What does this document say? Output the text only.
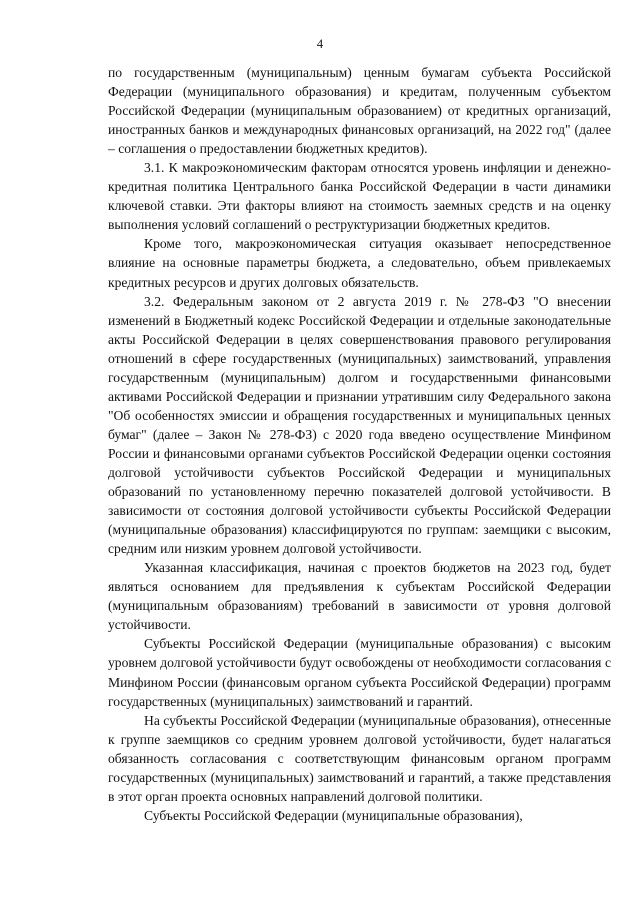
4

по государственным (муниципальным) ценным бумагам субъекта Российской Федерации (муниципального образования) и кредитам, полученным субъектом Российской Федерации (муниципальным образованием) от кредитных организаций, иностранных банков и международных финансовых организаций, на 2022 год" (далее – соглашения о предоставлении бюджетных кредитов).

3.1. К макроэкономическим факторам относятся уровень инфляции и денежно-кредитная политика Центрального банка Российской Федерации в части динамики ключевой ставки. Эти факторы влияют на стоимость заемных средств и на оценку выполнения условий соглашений о реструктуризации бюджетных кредитов.

Кроме того, макроэкономическая ситуация оказывает непосредственное влияние на основные параметры бюджета, а следовательно, объем привлекаемых кредитных ресурсов и других долговых обязательств.

3.2. Федеральным законом от 2 августа 2019 г. № 278-ФЗ "О внесении изменений в Бюджетный кодекс Российской Федерации и отдельные законодательные акты Российской Федерации в целях совершенствования правового регулирования отношений в сфере государственных (муниципальных) заимствований, управления государственным (муниципальным) долгом и государственными финансовыми активами Российской Федерации и признании утратившим силу Федерального закона "Об особенностях эмиссии и обращения государственных и муниципальных ценных бумаг" (далее – Закон № 278-ФЗ) с 2020 года введено осуществление Минфином России и финансовыми органами субъектов Российской Федерации оценки состояния долговой устойчивости субъектов Российской Федерации и муниципальных образований по установленному перечню показателей долговой устойчивости. В зависимости от состояния долговой устойчивости субъекты Российской Федерации (муниципальные образования) классифицируются по группам: заемщики с высоким, средним или низким уровнем долговой устойчивости.

Указанная классификация, начиная с проектов бюджетов на 2023 год, будет являться основанием для предъявления к субъектам Российской Федерации (муниципальным образованиям) требований в зависимости от уровня долговой устойчивости.

Субъекты Российской Федерации (муниципальные образования) с высоким уровнем долговой устойчивости будут освобождены от необходимости согласования с Минфином России (финансовым органом субъекта Российской Федерации) программ государственных (муниципальных) заимствований и гарантий.

На субъекты Российской Федерации (муниципальные образования), отнесенные к группе заемщиков со средним уровнем долговой устойчивости, будет налагаться обязанность согласования с соответствующим финансовым органом программ государственных (муниципальных) заимствований и гарантий, а также представления в этот орган проекта основных направлений долговой политики.

Субъекты Российской Федерации (муниципальные образования),
